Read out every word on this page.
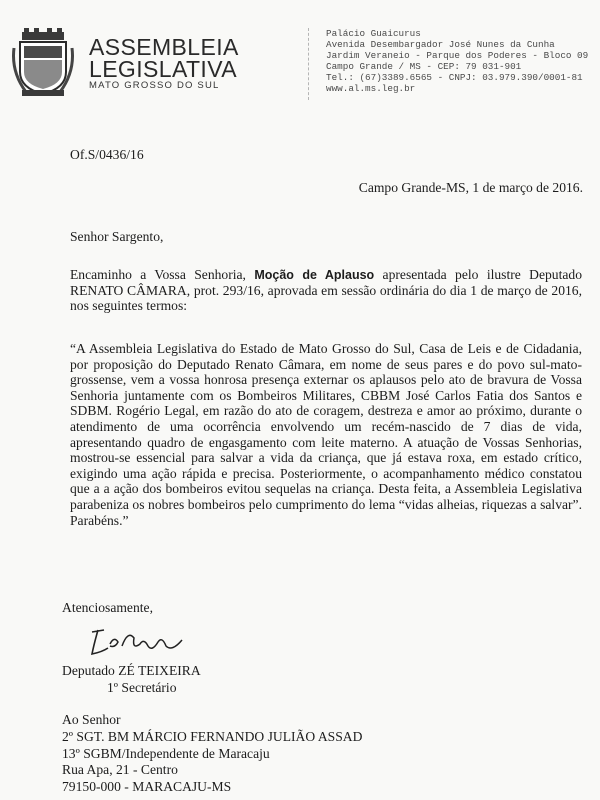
ASSEMBLEIA
LEGISLATIVA
MATO GROSSO DO SUL
Palácio Guaicurus
Avenida Desembargador José Nunes da Cunha
Jardim Veraneio - Parque dos Poderes - Bloco 09
Campo Grande / MS - CEP: 79 031-901
Tel.: (67)3389.6565 - CNPJ: 03.979.390/0001-81
www.al.ms.leg.br
Of.S/0436/16
Campo Grande-MS, 1 de março de 2016.
Senhor Sargento,
Encaminho a Vossa Senhoria, Moção de Aplauso apresentada pelo ilustre Deputado RENATO CÂMARA, prot. 293/16, aprovada em sessão ordinária do dia 1 de março de 2016, nos seguintes termos:
“A Assembleia Legislativa do Estado de Mato Grosso do Sul, Casa de Leis e de Cidadania, por proposição do Deputado Renato Câmara, em nome de seus pares e do povo sul-mato-grossense, vem a vossa honrosa presença externar os aplausos pelo ato de bravura de Vossa Senhoria juntamente com os Bombeiros Militares, CBBM José Carlos Fatia dos Santos e SDBM. Rogério Legal, em razão do ato de coragem, destreza e amor ao próximo, durante o atendimento de uma ocorrência envolvendo um recém-nascido de 7 dias de vida, apresentando quadro de engasgamento com leite materno. A atuação de Vossas Senhorias, mostrou-se essencial para salvar a vida da criança, que já estava roxa, em estado crítico, exigindo uma ação rápida e precisa. Posteriormente, o acompanhamento médico constatou que a a ação dos bombeiros evitou sequelas na criança. Desta feita, a Assembleia Legislativa parabeniza os nobres bombeiros pelo cumprimento do lema “vidas alheias, riquezas a salvar”. Parabéns.”
Atenciosamente,
Deputado ZÉ TEIXEIRA
1º Secretário
Ao Senhor
2º SGT. BM MÁRCIO FERNANDO JULIÃO ASSAD
13º SGBM/Independente de Maracaju
Rua Apa, 21 - Centro
79150-000 - MARACAJU-MS
